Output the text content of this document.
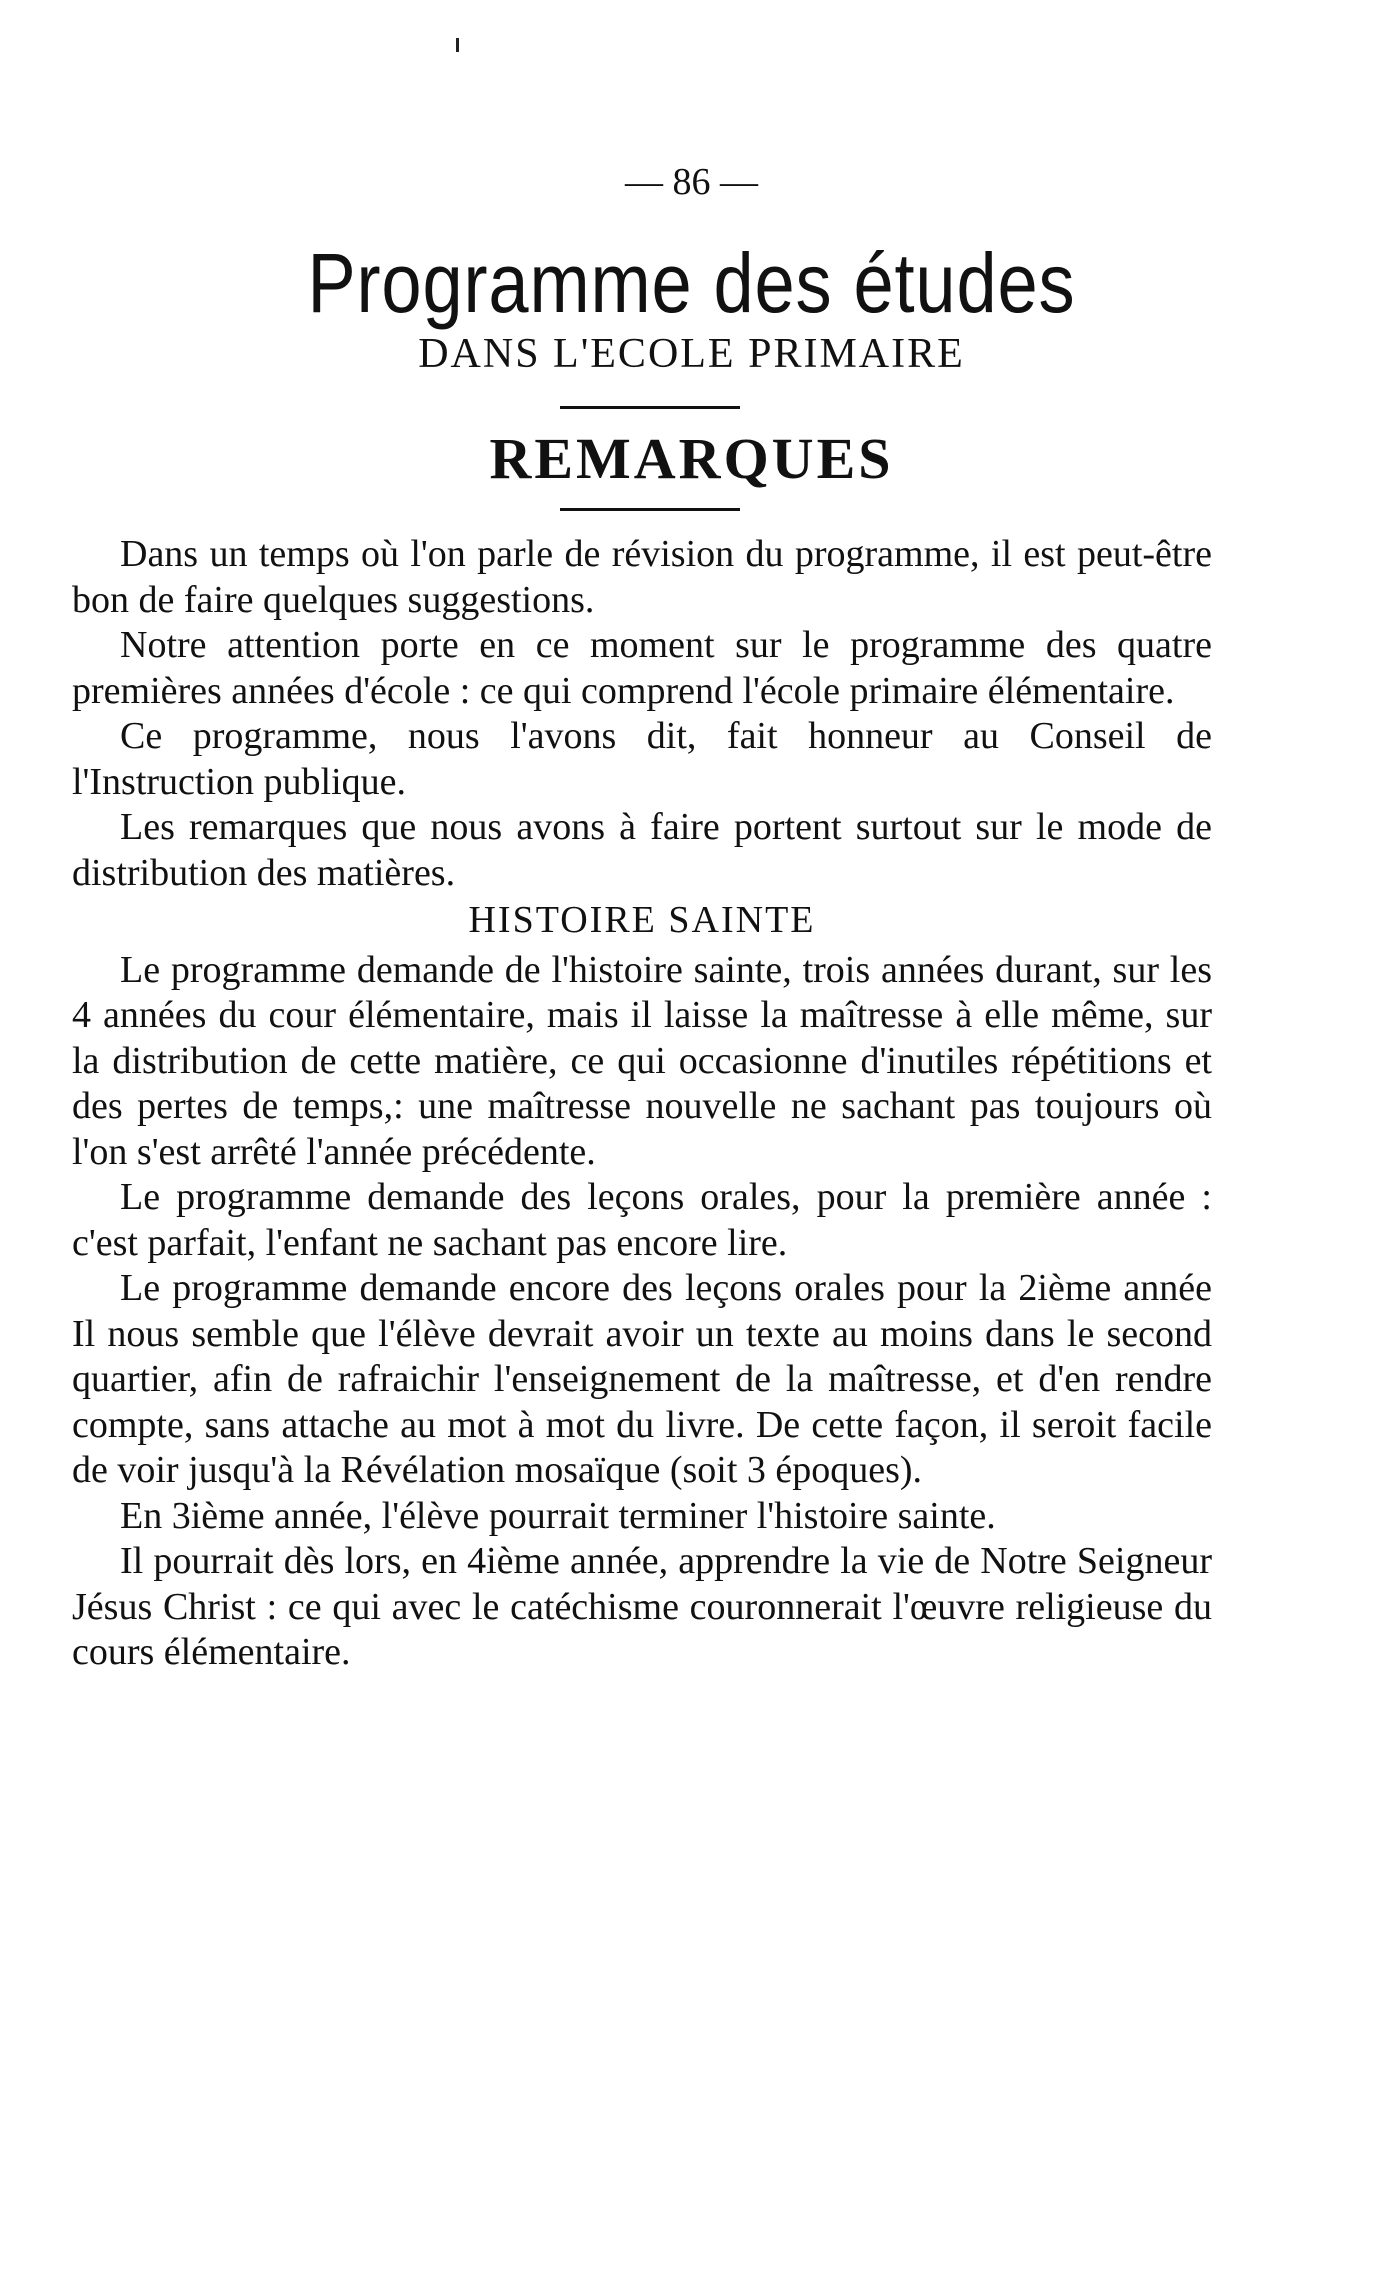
— 86 —
Programme des études
DANS L'ECOLE PRIMAIRE
REMARQUES

Dans un temps où l'on parle de révision du programme, il est peut-être bon de faire quelques suggestions.

Notre attention porte en ce moment sur le programme des quatre premières années d'école : ce qui comprend l'école primaire élémentaire.

Ce programme, nous l'avons dit, fait honneur au Conseil de l'Instruction publique.

Les remarques que nous avons à faire portent surtout sur le mode de distribution des matières.

HISTOIRE SAINTE

Le programme demande de l'histoire sainte, trois années durant, sur les 4 années du cour élémentaire, mais il laisse la maîtresse à elle même, sur la distribution de cette matière, ce qui occasionne d'inutiles répétitions et des pertes de temps,: une maîtresse nouvelle ne sachant pas toujours où l'on s'est arrêté l'année précédente.

Le programme demande des leçons orales, pour la première année : c'est parfait, l'enfant ne sachant pas encore lire.

Le programme demande encore des leçons orales pour la 2ième année Il nous semble que l'élève devrait avoir un texte au moins dans le second quartier, afin de rafraichir l'enseignement de la maîtresse, et d'en rendre compte, sans attache au mot à mot du livre. De cette façon, il seroit facile de voir jusqu'à la Révélation mosaïque (soit 3 époques).

En 3ième année, l'élève pourrait terminer l'histoire sainte.

Il pourrait dès lors, en 4ième année, apprendre la vie de Notre Seigneur Jésus Christ : ce qui avec le catéchisme couronnerait l'œuvre religieuse du cours élémentaire.
